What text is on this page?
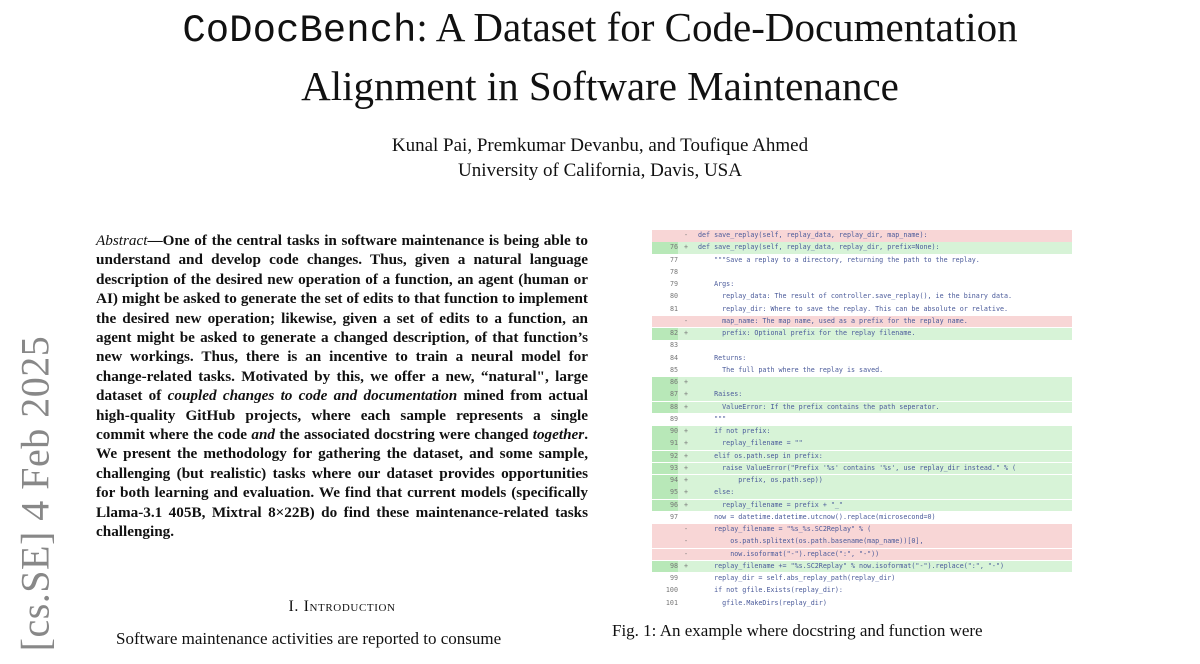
CoDocBench: A Dataset for Code-Documentation
Alignment in Software Maintenance
Kunal Pai, Premkumar Devanbu, and Toufique Ahmed
University of California, Davis, USA
[cs.SE] 4 Feb 2025
Abstract—One of the central tasks in software maintenance is being able to understand and develop code changes. Thus, given a natural language description of the desired new operation of a function, an agent (human or AI) might be asked to generate the set of edits to that function to implement the desired new operation; likewise, given a set of edits to a function, an agent might be asked to generate a changed description, of that function’s new workings. Thus, there is an incentive to train a neural model for change-related tasks. Motivated by this, we offer a new, “natural", large dataset of coupled changes to code and documentation mined from actual high-quality GitHub projects, where each sample represents a single commit where the code and the associated docstring were changed together. We present the methodology for gathering the dataset, and some sample, challenging (but realistic) tasks where our dataset provides opportunities for both learning and evaluation. We find that current models (specifically Llama-3.1 405B, Mixtral 8×22B) do find these maintenance-related tasks challenging.
I. Introduction
Software maintenance activities are reported to consume
- def save_replay(self, replay_data, replay_dir, map_name):
76 + def save_replay(self, replay_data, replay_dir, prefix=None):
77	"""Save a replay to a directory, returning the path to the replay.
78
79	Args:
80	replay_data: The result of controller.save_replay(), ie the binary data.
81	replay_dir: Where to save the replay. This can be absolute or relative.
-      map_name: The map name, used as a prefix for the replay name.
82 +      prefix: Optional prefix for the replay filename.
83
84	Returns:
85	The full path where the replay is saved.
86 +
87 +    Raises:
88 +      ValueError: If the prefix contains the path seperator.
89	"""
90 +    if not prefix:
91 +      replay_filename = ""
92 +    elif os.path.sep in prefix:
93 +      raise ValueError("Prefix '%s' contains '%s', use replay_dir instead." % (
94 +          prefix, os.path.sep))
95 +    else:
96 +      replay_filename = prefix + "_"
97	now = datetime.datetime.utcnow().replace(microsecond=0)
-    replay_filename = "%s_%s.SC2Replay" % (
-        os.path.splitext(os.path.basename(map_name))[0],
-        now.isoformat("-").replace(":", "-"))
98 +    replay_filename += "%s.SC2Replay" % now.isoformat("-").replace(":", "-")
99	replay_dir = self.abs_replay_path(replay_dir)
100	if not gfile.Exists(replay_dir):
101	gfile.MakeDirs(replay_dir)
Fig. 1: An example where docstring and function were
